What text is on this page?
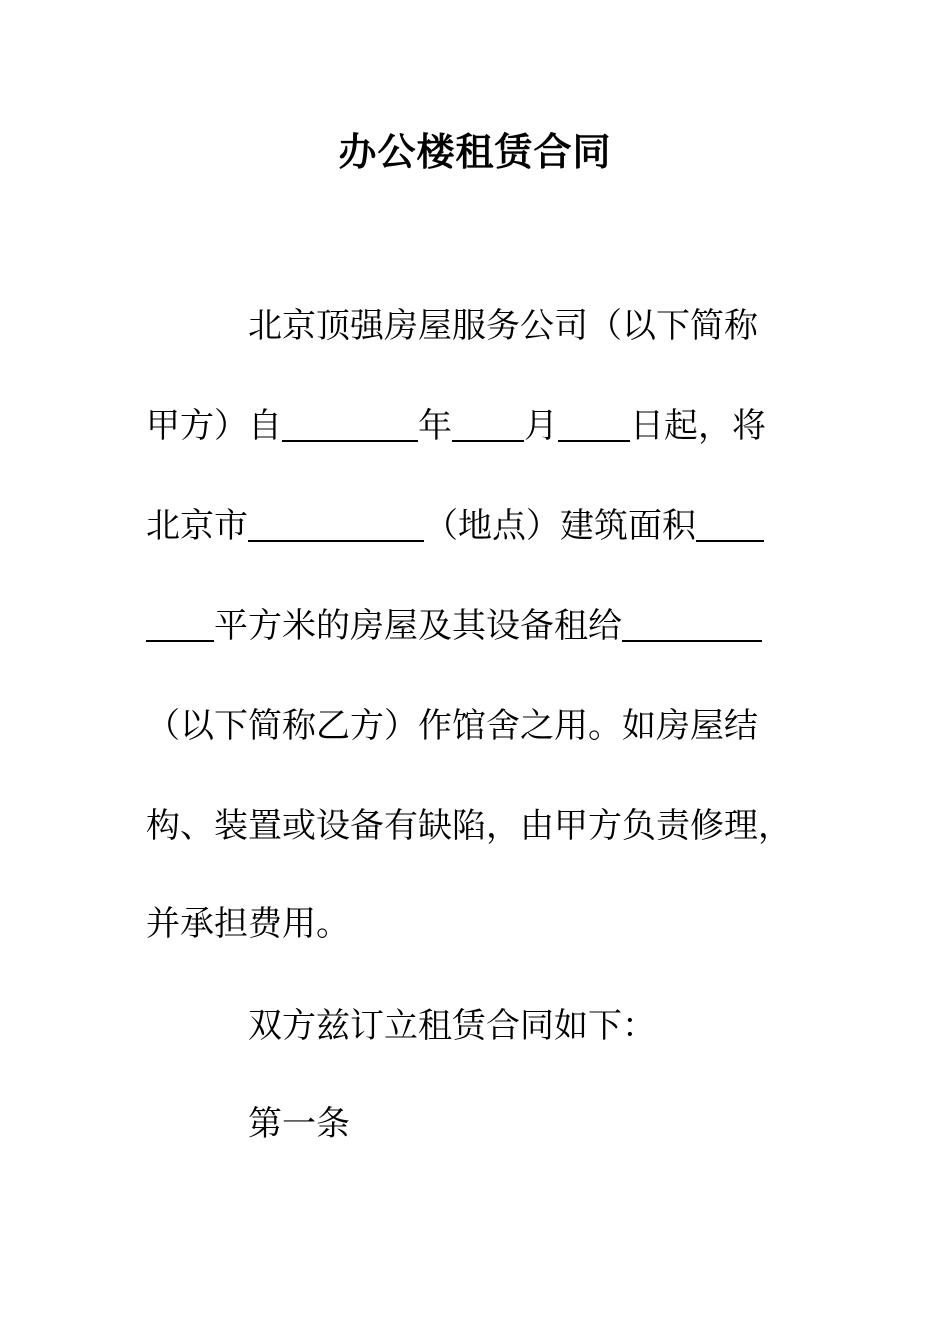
办公楼租赁合同
北京顶强房屋服务公司（以下简称
甲方）自	年 月 日起，将
北京市	（地点）建筑面积
平方米的房屋及其设备租给
（以下简称乙方）作馆舍之用。如房屋结
构、装置或设备有缺陷，由甲方负责修理，
并承担费用。
双方兹订立租赁合同如下：
第一条
